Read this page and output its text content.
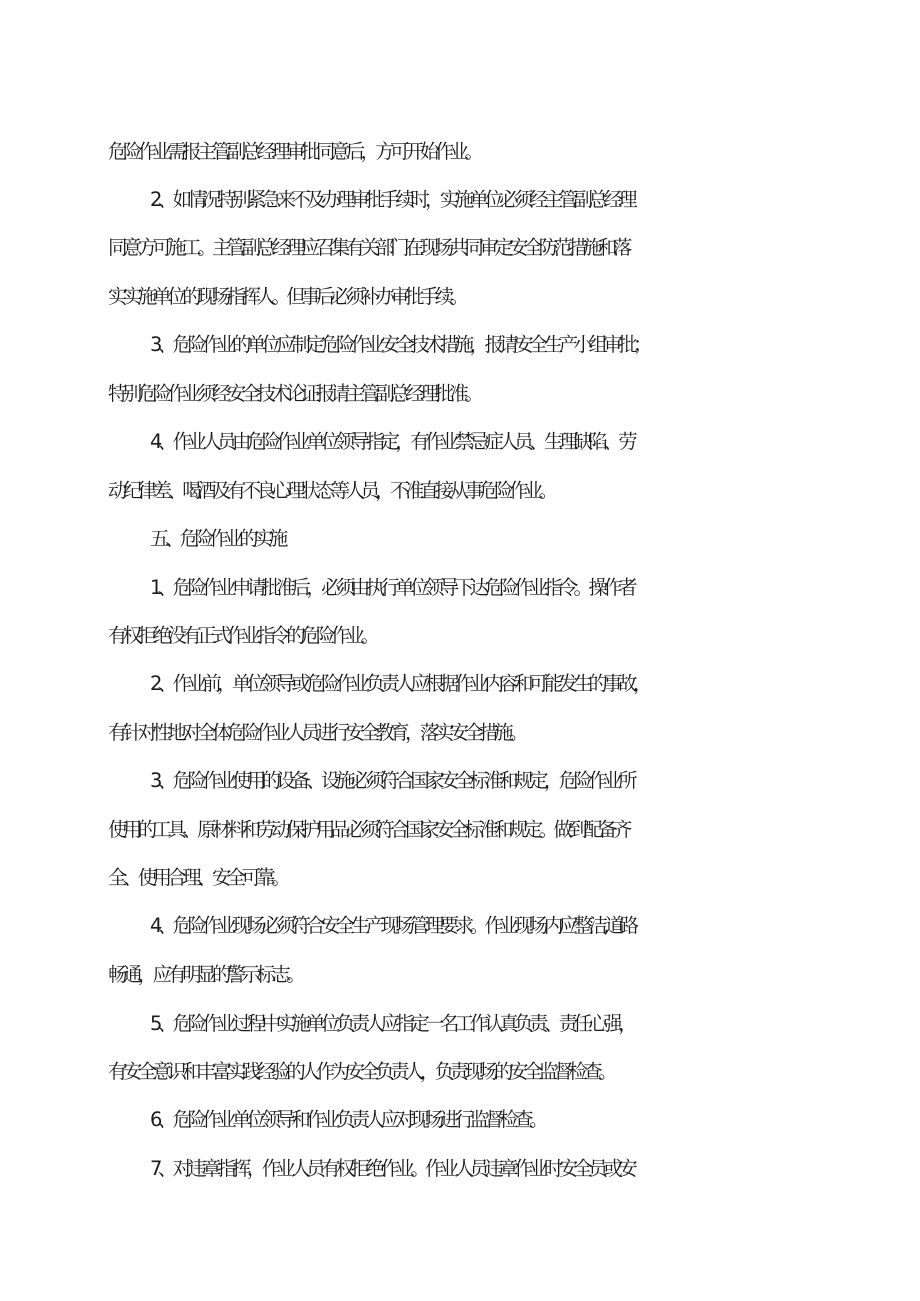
危险作业需报主管副总经理审批同意后，方可开始作业。
2、如情况特别紧急来不及办理审批手续时，实施单位必须经主管副总经理
同意方可施工。主管副总经理应召集有关部门在现场共同审定安全防范措施和落
实实施单位的现场指挥人。但事后必须补办审批手续。
3、危险作业的单位应制定危险作业安全技术措施，报请安全生产小组审批；
特别危险作业须经安全技术论证报请主管副总经理批准。
4、作业人员由危险作业单位领导指定，有作业禁忌症人员、生理缺陷、劳
动纪律差、喝酒及有不良心理状态等人员，不准直接从事危险作业。
五、危险作业的实施
1、危险作业申请批准后，必须由执行单位领导下达危险作业指令。操作者
有权拒绝没有正式作业指令的危险作业。
2、作业前，单位领导或危险作业负责人应根据作业内容和可能发生的事故，
有针对性地对全体危险作业人员进行安全教育，落实安全措施。
3、危险作业使用的设备、设施必须符合国家安全标准和规定，危险作业所
使用的工具、原材料和劳动保护用品必须符合国家安全标准和规定。做到配备齐
全、使用合理、安全可靠。
4、危险作业现场必须符合安全生产现场管理要求。作业现场内应整洁,道路
畅通，应有明显的警示标志。
5、危险作业过程中实施单位负责人应指定一名工作认真负责、责任心强，
有安全意识和丰富实践经验的人作为安全负责人，负责现场的安全监督检查。
6、危险作业单位领导和作业负责人应对现场进行监督检查。
7、对违章指挥，作业人员有权拒绝作业。作业人员违章作业时安全员或安
